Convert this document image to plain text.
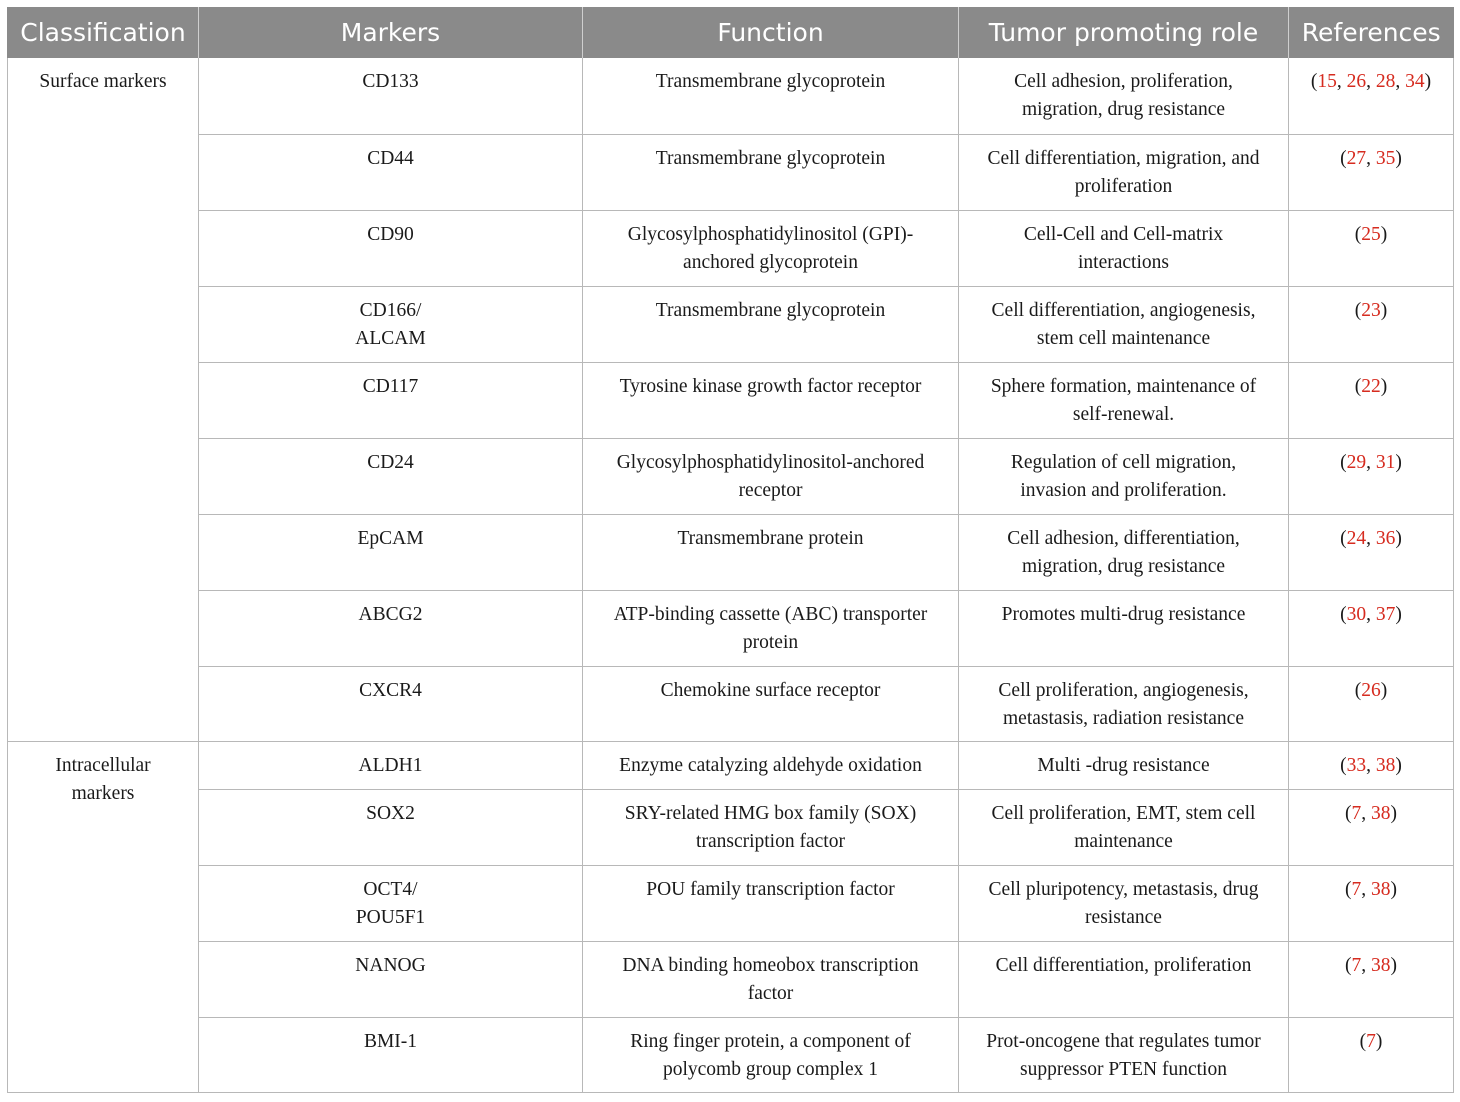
Classification	Markers	Function	Tumor promoting role	References
Surface markers	CD133	Transmembrane glycoprotein	Cell adhesion, proliferation, migration, drug resistance	(15, 26, 28, 34)
	CD44	Transmembrane glycoprotein	Cell differentiation, migration, and proliferation	(27, 35)
	CD90	Glycosylphosphatidylinositol (GPI)-anchored glycoprotein	Cell-Cell and Cell-matrix interactions	(25)
	CD166/ ALCAM	Transmembrane glycoprotein	Cell differentiation, angiogenesis, stem cell maintenance	(23)
	CD117	Tyrosine kinase growth factor receptor	Sphere formation, maintenance of self-renewal.	(22)
	CD24	Glycosylphosphatidylinositol-anchored receptor	Regulation of cell migration, invasion and proliferation.	(29, 31)
	EpCAM	Transmembrane protein	Cell adhesion, differentiation, migration, drug resistance	(24, 36)
	ABCG2	ATP-binding cassette (ABC) transporter protein	Promotes multi-drug resistance	(30, 37)
	CXCR4	Chemokine surface receptor	Cell proliferation, angiogenesis, metastasis, radiation resistance	(26)
Intracellular markers	ALDH1	Enzyme catalyzing aldehyde oxidation	Multi -drug resistance	(33, 38)
	SOX2	SRY-related HMG box family (SOX) transcription factor	Cell proliferation, EMT, stem cell maintenance	(7, 38)
	OCT4/ POU5F1	POU family transcription factor	Cell pluripotency, metastasis, drug resistance	(7, 38)
	NANOG	DNA binding homeobox transcription factor	Cell differentiation, proliferation	(7, 38)
	BMI-1	Ring finger protein, a component of polycomb group complex 1	Prot-oncogene that regulates tumor suppressor PTEN function	(7)
